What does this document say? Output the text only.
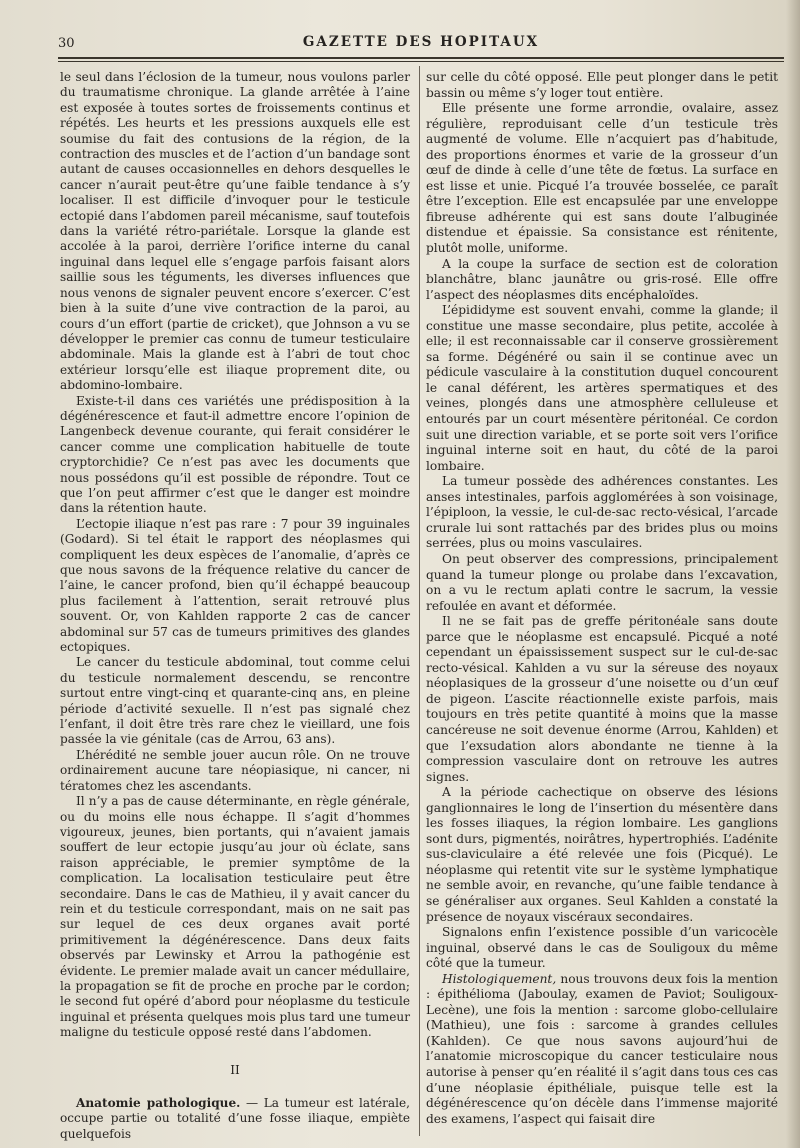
30	GAZETTE DES HOPITAUX

le seul dans l’éclosion de la tumeur, nous voulons parler du traumatisme chronique. La glande arrêtée à l’aine est exposée à toutes sortes de froissements continus et répétés. Les heurts et les pressions auxquels elle est soumise du fait des contusions de la région, de la contraction des muscles et de l’action d’un bandage sont autant de causes occasionnelles en dehors desquelles le cancer n’aurait peut-être qu’une faible tendance à s’y localiser. Il est difficile d’invoquer pour le testicule ectopié dans l’abdomen pareil mécanisme, sauf toutefois dans la variété rétro-pariétale. Lorsque la glande est accolée à la paroi, derrière l’orifice interne du canal inguinal dans lequel elle s’engage parfois faisant alors saillie sous les téguments, les diverses influences que nous venons de signaler peuvent encore s’exercer. C’est bien à la suite d’une vive contraction de la paroi, au cours d’un effort (partie de cricket), que Johnson a vu se développer le premier cas connu de tumeur testiculaire abdominale. Mais la glande est à l’abri de tout choc extérieur lorsqu’elle est iliaque proprement dite, ou abdomino-lombaire.

Existe-t-il dans ces variétés une prédisposition à la dégénérescence et faut-il admettre encore l’opinion de Langenbeck devenue courante, qui ferait considérer le cancer comme une complication habituelle de toute cryptorchidie? Ce n’est pas avec les documents que nous possédons qu’il est possible de répondre. Tout ce que l’on peut affirmer c’est que le danger est moindre dans la rétention haute.

L’ectopie iliaque n’est pas rare : 7 pour 39 inguinales (Godard). Si tel était le rapport des néoplasmes qui compliquent les deux espèces de l’anomalie, d’après ce que nous savons de la fréquence relative du cancer de l’aine, le cancer profond, bien qu’il échappé beaucoup plus facilement à l’attention, serait retrouvé plus souvent. Or, von Kahlden rapporte 2 cas de cancer abdominal sur 57 cas de tumeurs primitives des glandes ectopiques.

Le cancer du testicule abdominal, tout comme celui du testicule normalement descendu, se rencontre surtout entre vingt-cinq et quarante-cinq ans, en pleine période d’activité sexuelle. Il n’est pas signalé chez l’enfant, il doit être très rare chez le vieillard, une fois passée la vie génitale (cas de Arrou, 63 ans).

L’hérédité ne semble jouer aucun rôle. On ne trouve ordinairement aucune tare néopiasique, ni cancer, ni tératomes chez les ascendants.

Il n’y a pas de cause déterminante, en règle générale, ou du moins elle nous échappe. Il s’agit d’hommes vigoureux, jeunes, bien portants, qui n’avaient jamais souffert de leur ectopie jusqu’au jour où éclate, sans raison appréciable, le premier symptôme de la complication. La localisation testiculaire peut être secondaire. Dans le cas de Mathieu, il y avait cancer du rein et du testicule correspondant, mais on ne sait pas sur lequel de ces deux organes avait porté primitivement la dégénérescence. Dans deux faits observés par Lewinsky et Arrou la pathogénie est évidente. Le premier malade avait un cancer médullaire, la propagation se fit de proche en proche par le cordon; le second fut opéré d’abord pour néoplasme du testicule inguinal et présenta quelques mois plus tard une tumeur maligne du testicule opposé resté dans l’abdomen.

II

Anatomie pathologique. — La tumeur est latérale, occupe partie ou totalité d’une fosse iliaque, empiète quelquefois

sur celle du côté opposé. Elle peut plonger dans le petit bassin ou même s’y loger tout entière.

Elle présente une forme arrondie, ovalaire, assez régulière, reproduisant celle d’un testicule très augmenté de volume. Elle n’acquiert pas d’habitude, des proportions énormes et varie de la grosseur d’un œuf de dinde à celle d’une tête de fœtus. La surface en est lisse et unie. Picqué l’a trouvée bosselée, ce paraît être l’exception. Elle est encapsulée par une enveloppe fibreuse adhérente qui est sans doute l’albuginée distendue et épaissie. Sa consistance est rénitente, plutôt molle, uniforme.

A la coupe la surface de section est de coloration blanchâtre, blanc jaunâtre ou gris-rosé. Elle offre l’aspect des néoplasmes dits encéphaloïdes.

L’épididyme est souvent envahi, comme la glande; il constitue une masse secondaire, plus petite, accolée à elle; il est reconnaissable car il conserve grossièrement sa forme. Dégénéré ou sain il se continue avec un pédicule vasculaire à la constitution duquel concourent le canal déférent, les artères spermatiques et des veines, plongés dans une atmosphère celluleuse et entourés par un court mésentère péritonéal. Ce cordon suit une direction variable, et se porte soit vers l’orifice inguinal interne soit en haut, du côté de la paroi lombaire.

La tumeur possède des adhérences constantes. Les anses intestinales, parfois agglomérées à son voisinage, l’épiploon, la vessie, le cul-de-sac recto-vésical, l’arcade crurale lui sont rattachés par des brides plus ou moins serrées, plus ou moins vasculaires.

On peut observer des compressions, principalement quand la tumeur plonge ou prolabe dans l’excavation, on a vu le rectum aplati contre le sacrum, la vessie refoulée en avant et déformée.

Il ne se fait pas de greffe péritonéale sans doute parce que le néoplasme est encapsulé. Picqué a noté cependant un épaississement suspect sur le cul-de-sac recto-vésical. Kahlden a vu sur la séreuse des noyaux néoplasiques de la grosseur d’une noisette ou d’un œuf de pigeon. L’ascite réactionnelle existe parfois, mais toujours en très petite quantité à moins que la masse cancéreuse ne soit devenue énorme (Arrou, Kahlden) et que l’exsudation alors abondante ne tienne à la compression vasculaire dont on retrouve les autres signes.

A la période cachectique on observe des lésions ganglionnaires le long de l’insertion du mésentère dans les fosses iliaques, la région lombaire. Les ganglions sont durs, pigmentés, noirâtres, hypertrophiés. L’adénite sus-claviculaire a été relevée une fois (Picqué). Le néoplasme qui retentit vite sur le système lymphatique ne semble avoir, en revanche, qu’une faible tendance à se généraliser aux organes. Seul Kahlden a constaté la présence de noyaux viscéraux secondaires.

Signalons enfin l’existence possible d’un varicocèle inguinal, observé dans le cas de Souligoux du même côté que la tumeur.

Histologiquement, nous trouvons deux fois la mention : épithélioma (Jaboulay, examen de Paviot; Souligoux-Lecène), une fois la mention : sarcome globo-cellulaire (Mathieu), une fois : sarcome à grandes cellules (Kahlden). Ce que nous savons aujourd’hui de l’anatomie microscopique du cancer testiculaire nous autorise à penser qu’en réalité il s’agit dans tous ces cas d’une néoplasie épithéliale, puisque telle est la dégénérescence qu’on décèle dans l’immense majorité des examens, l’aspect qui faisait dire
